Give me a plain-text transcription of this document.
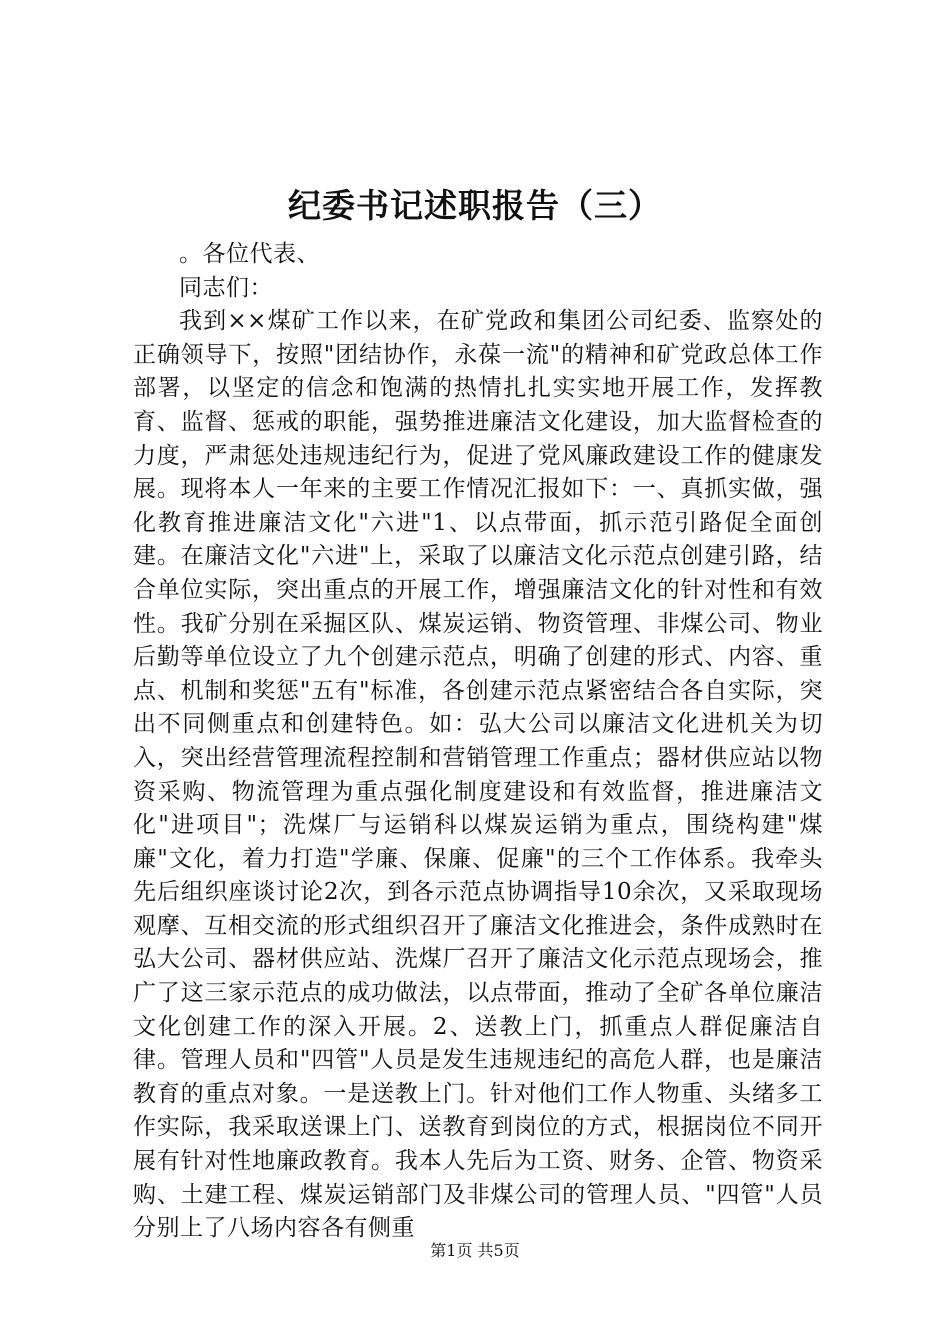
纪委书记述职报告（三）

。各位代表、

同志们：

我到××煤矿工作以来，在矿党政和集团公司纪委、监察处的正确领导下，按照"团结协作，永葆一流"的精神和矿党政总体工作部署，以坚定的信念和饱满的热情扎扎实实地开展工作，发挥教育、监督、惩戒的职能，强势推进廉洁文化建设，加大监督检查的力度，严肃惩处违规违纪行为，促进了党风廉政建设工作的健康发展。现将本人一年来的主要工作情况汇报如下：一、真抓实做，强化教育推进廉洁文化"六进"1、以点带面，抓示范引路促全面创建。在廉洁文化"六进"上，采取了以廉洁文化示范点创建引路，结合单位实际，突出重点的开展工作，增强廉洁文化的针对性和有效性。我矿分别在采掘区队、煤炭运销、物资管理、非煤公司、物业后勤等单位设立了九个创建示范点，明确了创建的形式、内容、重点、机制和奖惩"五有"标准，各创建示范点紧密结合各自实际，突出不同侧重点和创建特色。如：弘大公司以廉洁文化进机关为切入，突出经营管理流程控制和营销管理工作重点；器材供应站以物资采购、物流管理为重点强化制度建设和有效监督，推进廉洁文化"进项目"；洗煤厂与运销科以煤炭运销为重点，围绕构建"煤廉"文化，着力打造"学廉、保廉、促廉"的三个工作体系。我牵头先后组织座谈讨论2次，到各示范点协调指导10余次，又采取现场观摩、互相交流的形式组织召开了廉洁文化推进会，条件成熟时在弘大公司、器材供应站、洗煤厂召开了廉洁文化示范点现场会，推广了这三家示范点的成功做法，以点带面，推动了全矿各单位廉洁文化创建工作的深入开展。2、送教上门，抓重点人群促廉洁自律。管理人员和"四管"人员是发生违规违纪的高危人群，也是廉洁教育的重点对象。一是送教上门。针对他们工作人物重、头绪多工作实际，我采取送课上门、送教育到岗位的方式，根据岗位不同开展有针对性地廉政教育。我本人先后为工资、财务、企管、物资采购、土建工程、煤炭运销部门及非煤公司的管理人员、"四管"人员分别上了八场内容各有侧重

第1页 共5页
